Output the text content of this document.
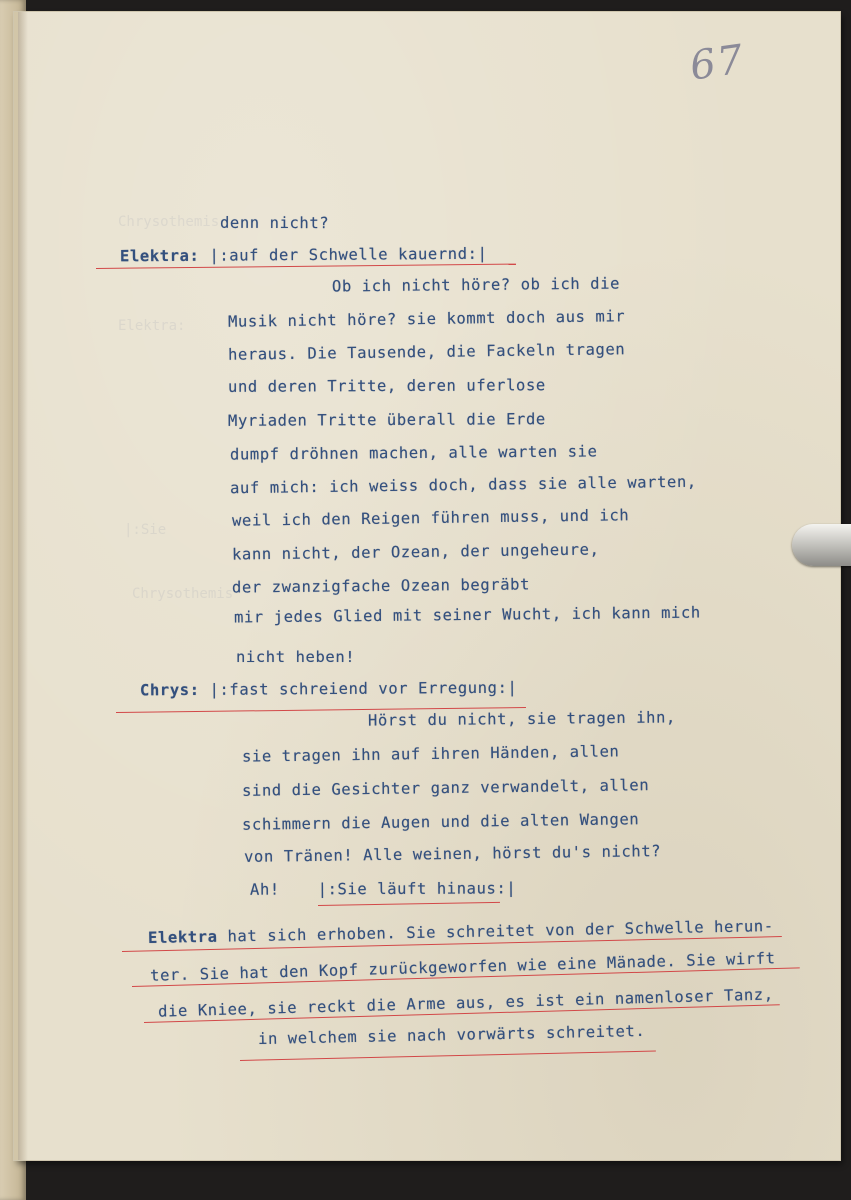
67
Chrysothemis
Elektra:
|:Sie
Chrysothemis
denn nicht?
Elektra: |:auf der Schwelle kauernd:|
Ob ich nicht höre? ob ich die
Musik nicht höre? sie kommt doch aus mir
heraus. Die Tausende, die Fackeln tragen
und deren Tritte, deren uferlose
Myriaden Tritte überall die Erde
dumpf dröhnen machen, alle warten sie
auf mich: ich weiss doch, dass sie alle warten,
weil ich den Reigen führen muss, und ich
kann nicht, der Ozean, der ungeheure,
der zwanzigfache Ozean begräbt
mir jedes Glied mit seiner Wucht, ich kann mich
nicht heben!
Chrys: |:fast schreiend vor Erregung:|
Hörst du nicht, sie tragen ihn,
sie tragen ihn auf ihren Händen, allen
sind die Gesichter ganz verwandelt, allen
schimmern die Augen und die alten Wangen
von Tränen! Alle weinen, hörst du's nicht?
Ah! |:Sie läuft hinaus:|
Elektra hat sich erhoben. Sie schreitet von der Schwelle herun-
ter. Sie hat den Kopf zurückgeworfen wie eine Mänade. Sie wirft
die Kniee, sie reckt die Arme aus, es ist ein namenloser Tanz,
in welchem sie nach vorwärts schreitet.
